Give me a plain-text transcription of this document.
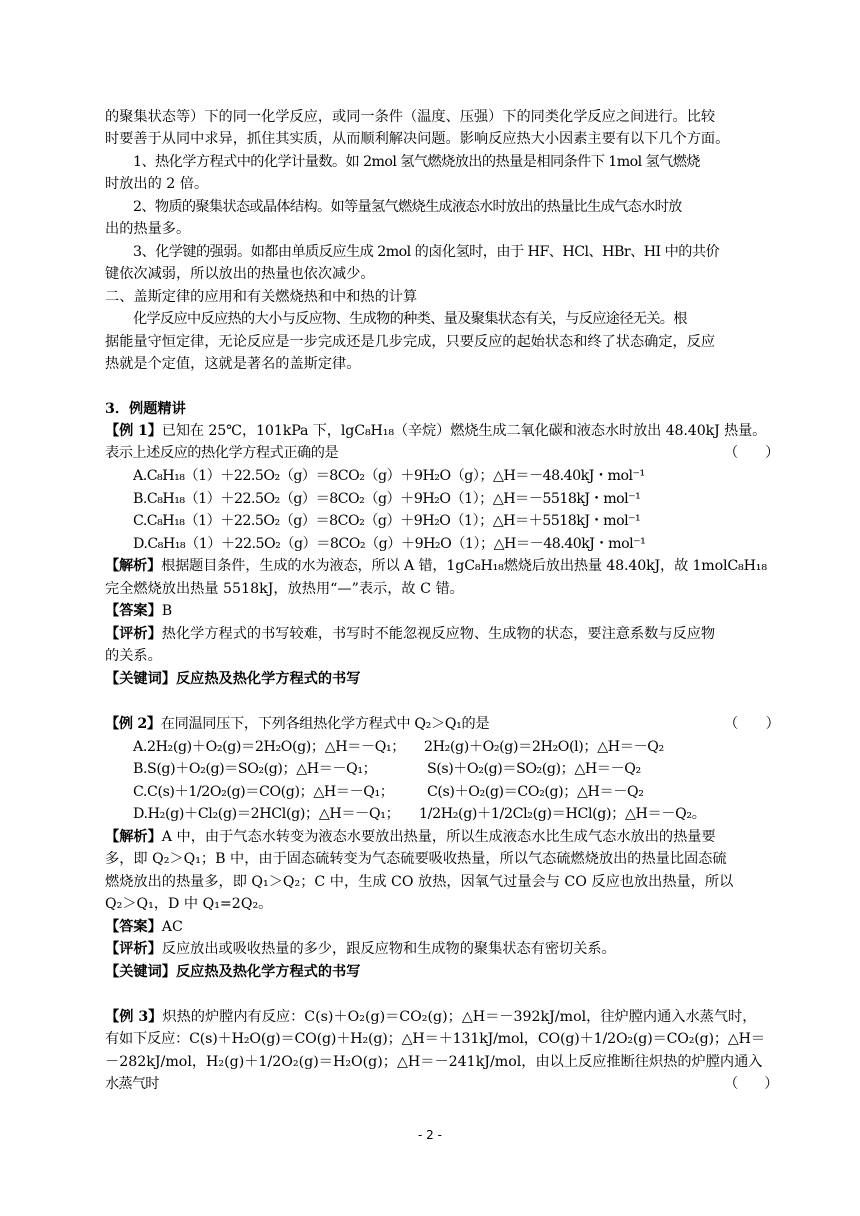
的聚集状态等）下的同一化学反应，或同一条件（温度、压强）下的同类化学反应之间进行。比较
时要善于从同中求异，抓住其实质，从而顺利解决问题。影响反应热大小因素主要有以下几个方面。
1、热化学方程式中的化学计量数。如 2mol 氢气燃烧放出的热量是相同条件下 1mol 氢气燃烧
时放出的 2 倍。
2、物质的聚集状态或晶体结构。如等量氢气燃烧生成液态水时放出的热量比生成气态水时放
出的热量多。
3、化学键的强弱。如都由单质反应生成 2mol 的卤化氢时，由于 HF、HCl、HBr、HI 中的共价
键依次减弱，所以放出的热量也依次减少。
二、盖斯定律的应用和有关燃烧热和中和热的计算
化学反应中反应热的大小与反应物、生成物的种类、量及聚集状态有关，与反应途径无关。根
据能量守恒定律，无论反应是一步完成还是几步完成，只要反应的起始状态和终了状态确定，反应
热就是个定值，这就是著名的盖斯定律。
3．例题精讲
【例 1】已知在 25℃，101kPa 下，lgC₈H₁₈（辛烷）燃烧生成二氧化碳和液态水时放出 48.40kJ 热量。
表示上述反应的热化学方程式正确的是	（　　）
A.C₈H₁₈（1）＋22.5O₂（g）＝8CO₂（g）＋9H₂O（g）；△H＝－48.40kJ・mol⁻¹
B.C₈H₁₈（1）＋22.5O₂（g）＝8CO₂（g）＋9H₂O（1）；△H＝－5518kJ・mol⁻¹
C.C₈H₁₈（1）＋22.5O₂（g）＝8CO₂（g）＋9H₂O（1）；△H＝＋5518kJ・mol⁻¹
D.C₈H₁₈（1）＋22.5O₂（g）＝8CO₂（g）＋9H₂O（1）；△H＝－48.40kJ・mol⁻¹
【解析】根据题目条件，生成的水为液态，所以 A 错，1gC₈H₁₈燃烧后放出热量 48.40kJ，故 1molC₈H₁₈
完全燃烧放出热量 5518kJ，放热用“—”表示，故 C 错。
【答案】B
【评析】热化学方程式的书写较难，书写时不能忽视反应物、生成物的状态，要注意系数与反应物
的关系。
【关键词】反应热及热化学方程式的书写
【例 2】在同温同压下，下列各组热化学方程式中 Q₂＞Q₁的是	（　　）
A.2H₂(g)＋O₂(g)＝2H₂O(g)；△H＝－Q₁； 2H₂(g)＋O₂(g)＝2H₂O(l)；△H＝－Q₂
B.S(g)＋O₂(g)＝SO₂(g)；△H＝－Q₁；	S(s)＋O₂(g)＝SO₂(g)；△H＝－Q₂
C.C(s)＋1/2O₂(g)＝CO(g)；△H＝－Q₁； C(s)＋O₂(g)＝CO₂(g)；△H＝－Q₂
D.H₂(g)＋Cl₂(g)＝2HCl(g)；△H＝－Q₁； 1/2H₂(g)＋1/2Cl₂(g)＝HCl(g)；△H＝－Q₂。
【解析】A 中，由于气态水转变为液态水要放出热量，所以生成液态水比生成气态水放出的热量要
多，即 Q₂＞Q₁；B 中，由于固态硫转变为气态硫要吸收热量，所以气态硫燃烧放出的热量比固态硫
燃烧放出的热量多，即 Q₁＞Q₂；C 中，生成 CO 放热，因氧气过量会与 CO 反应也放出热量，所以
Q₂＞Q₁，D 中 Q₁=2Q₂。
【答案】AC
【评析】反应放出或吸收热量的多少，跟反应物和生成物的聚集状态有密切关系。
【关键词】反应热及热化学方程式的书写
【例 3】炽热的炉膛内有反应：C(s)＋O₂(g)＝CO₂(g)；△H＝－392kJ/mol，往炉膛内通入水蒸气时，
有如下反应：C(s)＋H₂O(g)＝CO(g)＋H₂(g)；△H＝＋131kJ/mol，CO(g)＋1/2O₂(g)＝CO₂(g)；△H＝
－282kJ/mol，H₂(g)＋1/2O₂(g)＝H₂O(g)；△H＝－241kJ/mol，由以上反应推断往炽热的炉膛内通入
水蒸气时	（　　）
- 2 -
